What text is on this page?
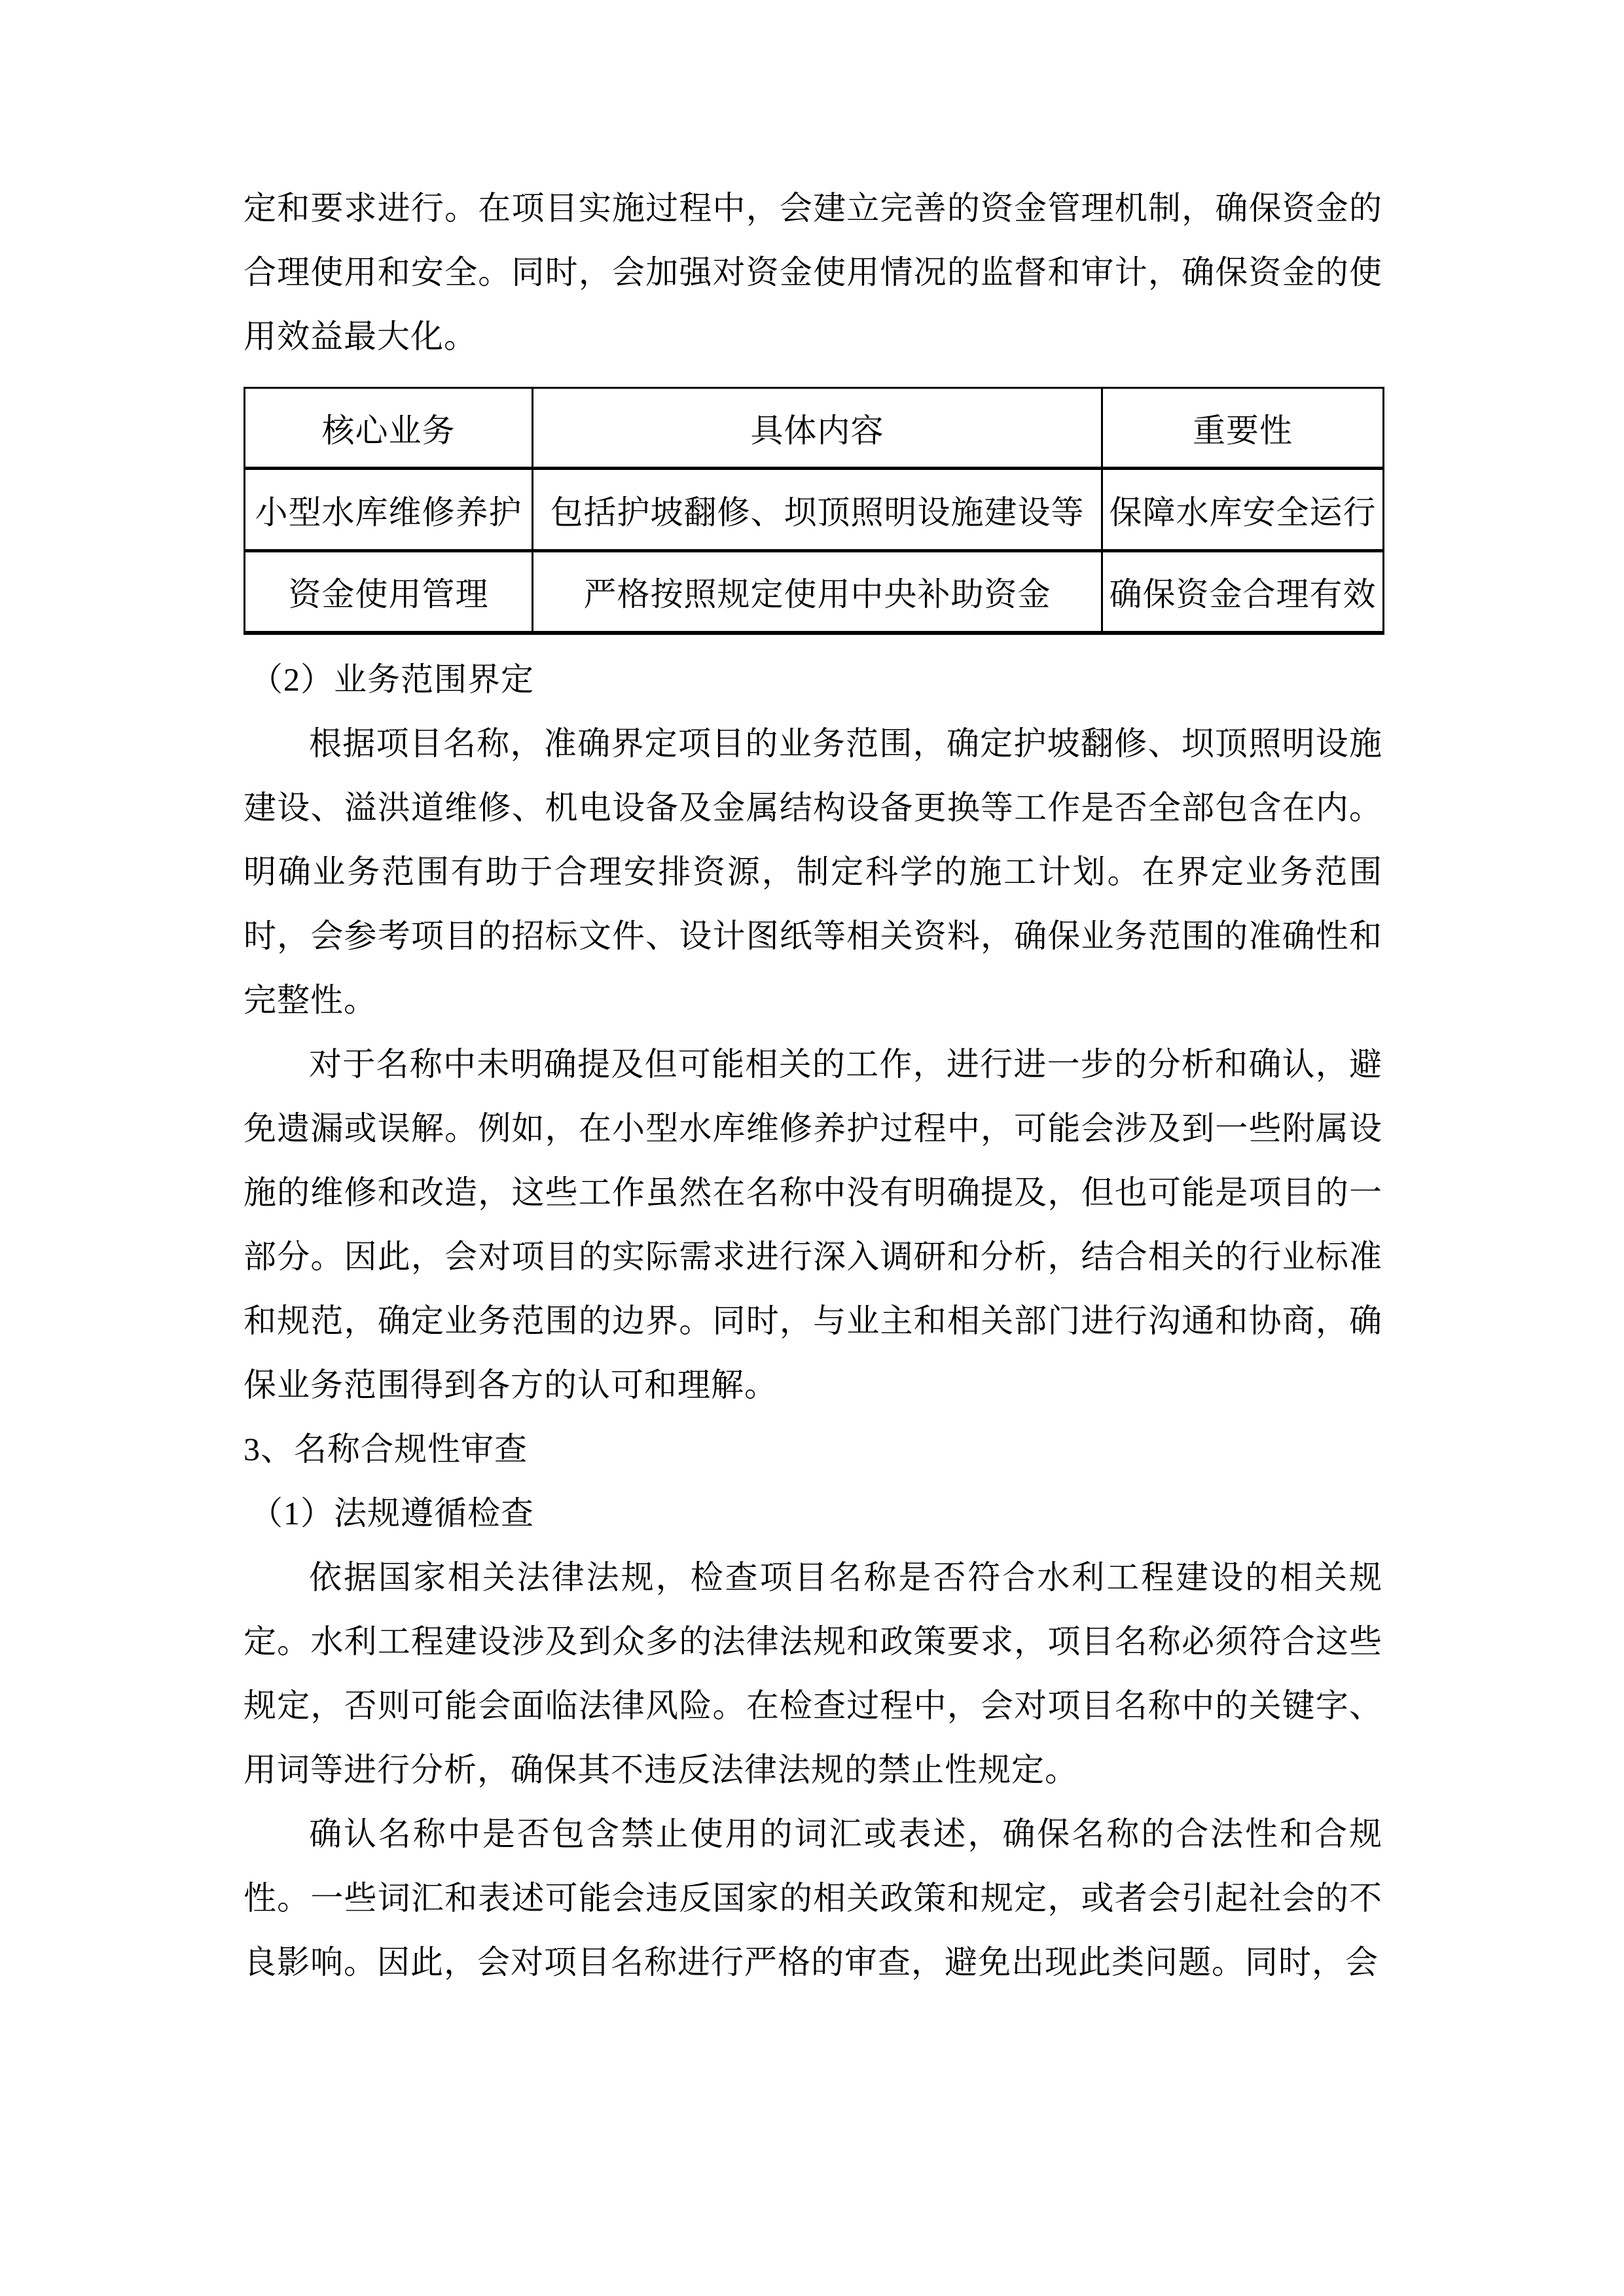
定和要求进行。在项目实施过程中，会建立完善的资金管理机制，确保资金的合理使用和安全。同时，会加强对资金使用情况的监督和审计，确保资金的使用效益最大化。

核心业务	具体内容	重要性
小型水库维修养护	包括护坡翻修、坝顶照明设施建设等	保障水库安全运行
资金使用管理	严格按照规定使用中央补助资金	确保资金合理有效

（2）业务范围界定

根据项目名称，准确界定项目的业务范围，确定护坡翻修、坝顶照明设施建设、溢洪道维修、机电设备及金属结构设备更换等工作是否全部包含在内。明确业务范围有助于合理安排资源，制定科学的施工计划。在界定业务范围时，会参考项目的招标文件、设计图纸等相关资料，确保业务范围的准确性和完整性。

对于名称中未明确提及但可能相关的工作，进行进一步的分析和确认，避免遗漏或误解。例如，在小型水库维修养护过程中，可能会涉及到一些附属设施的维修和改造，这些工作虽然在名称中没有明确提及，但也可能是项目的一部分。因此，会对项目的实际需求进行深入调研和分析，结合相关的行业标准和规范，确定业务范围的边界。同时，与业主和相关部门进行沟通和协商，确保业务范围得到各方的认可和理解。

3、名称合规性审查

（1）法规遵循检查

依据国家相关法律法规，检查项目名称是否符合水利工程建设的相关规定。水利工程建设涉及到众多的法律法规和政策要求，项目名称必须符合这些规定，否则可能会面临法律风险。在检查过程中，会对项目名称中的关键字、用词等进行分析，确保其不违反法律法规的禁止性规定。

确认名称中是否包含禁止使用的词汇或表述，确保名称的合法性和合规性。一些词汇和表述可能会违反国家的相关政策和规定，或者会引起社会的不良影响。因此，会对项目名称进行严格的审查，避免出现此类问题。同时，会
